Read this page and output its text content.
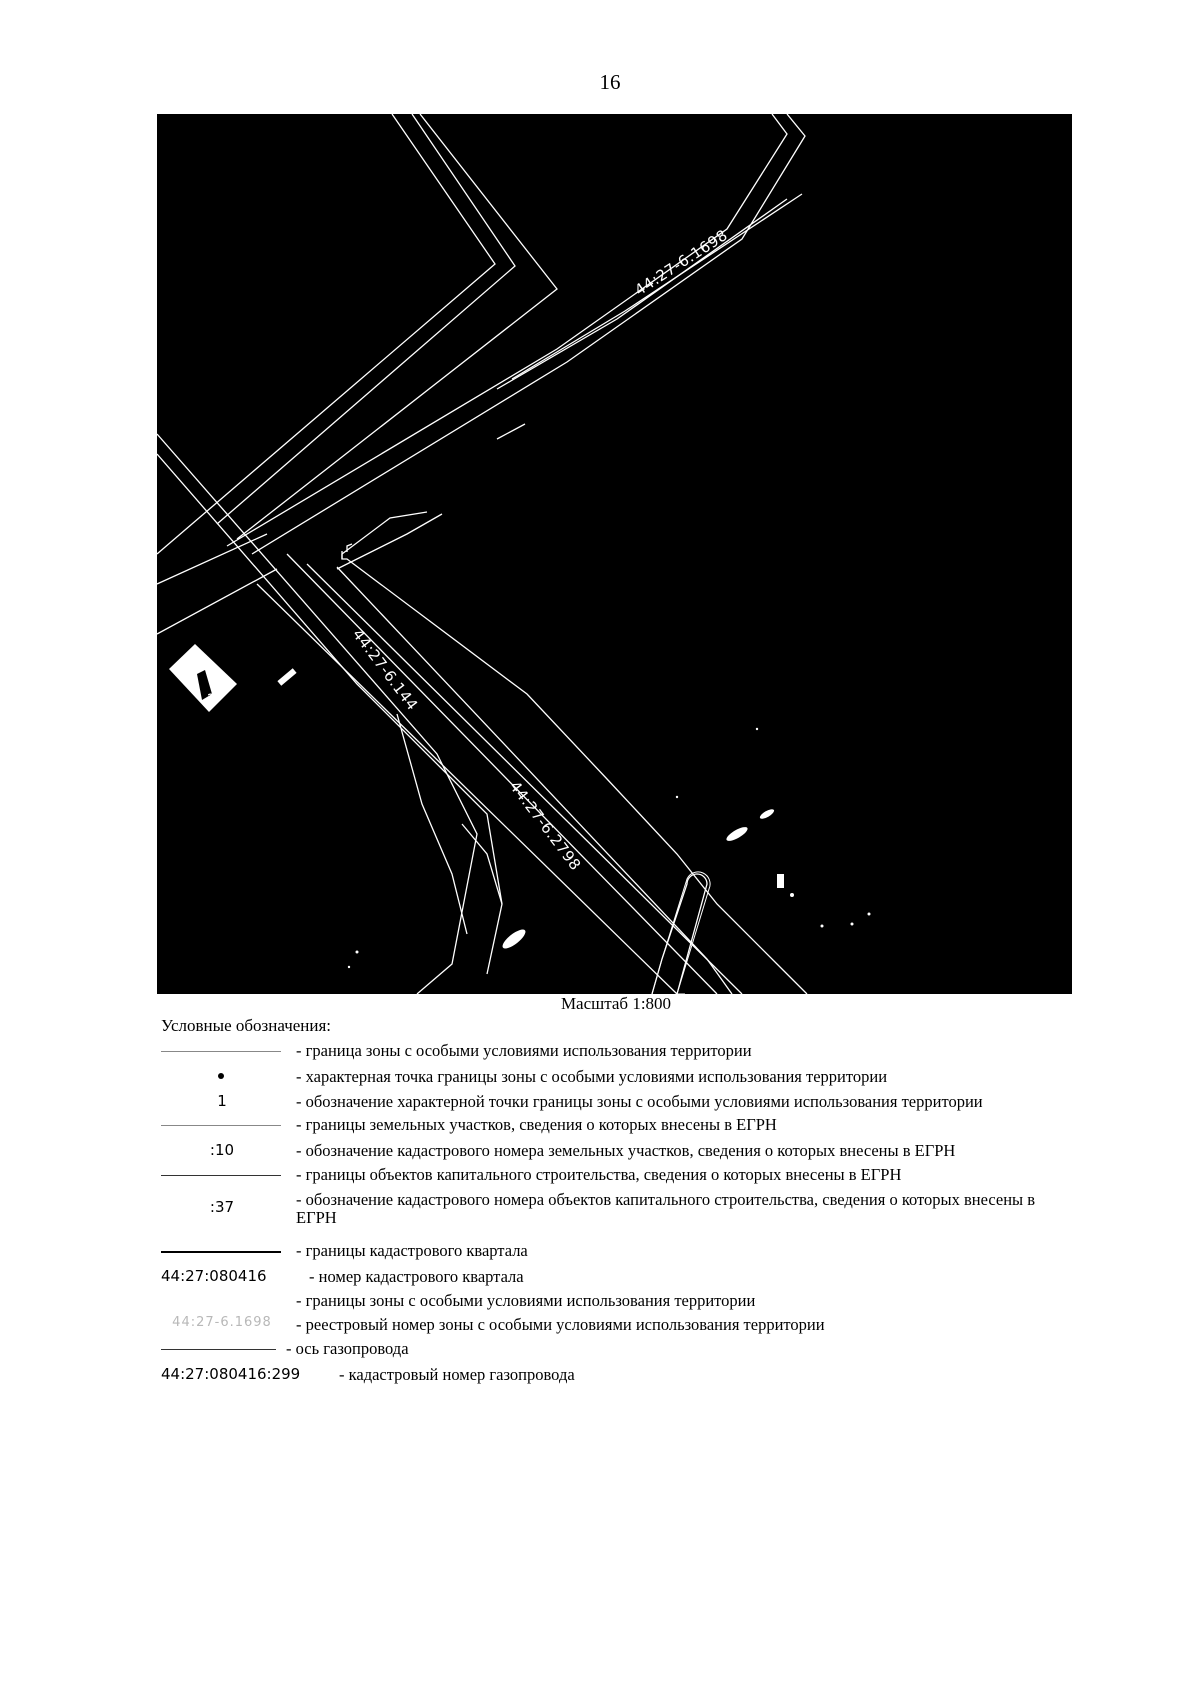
16
44:27-6.1698
44:27-6.144
44:27-6.2798
2
Масштаб 1:800
Условные обозначения:
- граница зоны с особыми условиями использования территории
- характерная точка границы зоны с особыми условиями использования территории
1	- обозначение характерной точки границы зоны с особыми условиями использования территории
- границы земельных участков, сведения о которых внесены в ЕГРН
:10	- обозначение кадастрового номера земельных участков, сведения о которых внесены в ЕГРН
- границы объектов капитального строительства, сведения о которых внесены в ЕГРН
:37	- обозначение кадастрового номера объектов капитального строительства, сведения о которых внесены в ЕГРН
- границы кадастрового квартала
44:27:080416	- номер кадастрового квартала
- границы зоны с особыми условиями использования территории
44:27-6.1698	- реестровый номер зоны с особыми условиями использования территории
- ось газопровода
44:27:080416:299 - кадастровый номер газопровода
